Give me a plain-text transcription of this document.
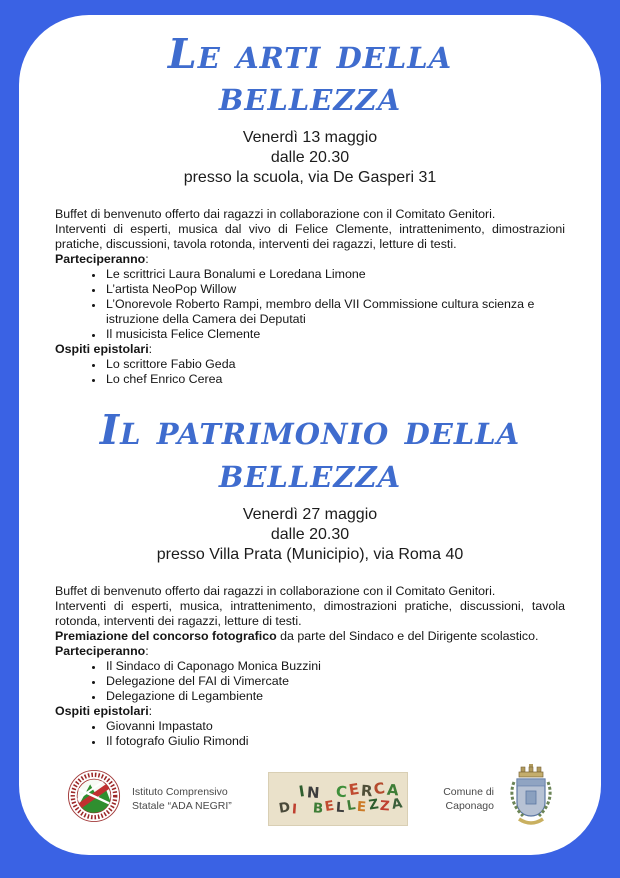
Le arti della
bellezza
Venerdì 13 maggio
dalle 20.30
presso la scuola, via De Gasperi 31

Buffet di benvenuto offerto dai ragazzi in collaborazione con il Comitato Genitori.
Interventi di esperti, musica dal vivo di Felice Clemente, intrattenimento, dimostrazioni pratiche, discussioni, tavola rotonda, interventi dei ragazzi, letture di testi.

Parteciperanno:

• Le scrittrici Laura Bonalumi e Loredana Limone
• L’artista NeoPop Willow
• L’Onorevole Roberto Rampi, membro della VII Commissione cultura scienza e istruzione della Camera dei Deputati
• Il musicista Felice Clemente

Ospiti epistolari:

• Lo scrittore Fabio Geda
• Lo chef Enrico Cerea
Il patrimonio della
bellezza
Venerdì 27 maggio
dalle 20.30
presso Villa Prata (Municipio), via Roma 40

Buffet di benvenuto offerto dai ragazzi in collaborazione con il Comitato Genitori.
Interventi di esperti, musica, intrattenimento, dimostrazioni pratiche, discussioni, tavola rotonda, interventi dei ragazzi, letture di testi.

Premiazione del concorso fotografico da parte del Sindaco e del Dirigente scolastico.

Parteciperanno:

• Il Sindaco di Caponago Monica Buzzini
• Delegazione del FAI di Vimercate
• Delegazione di Legambiente

Ospiti epistolari:

• Giovanni Impastato
• Il fotografo Giulio Rimondi
Istituto Comprensivo
Statale “ADA NEGRI”
IN CERCA
DI BELLEZZA
Comune di
Caponago
